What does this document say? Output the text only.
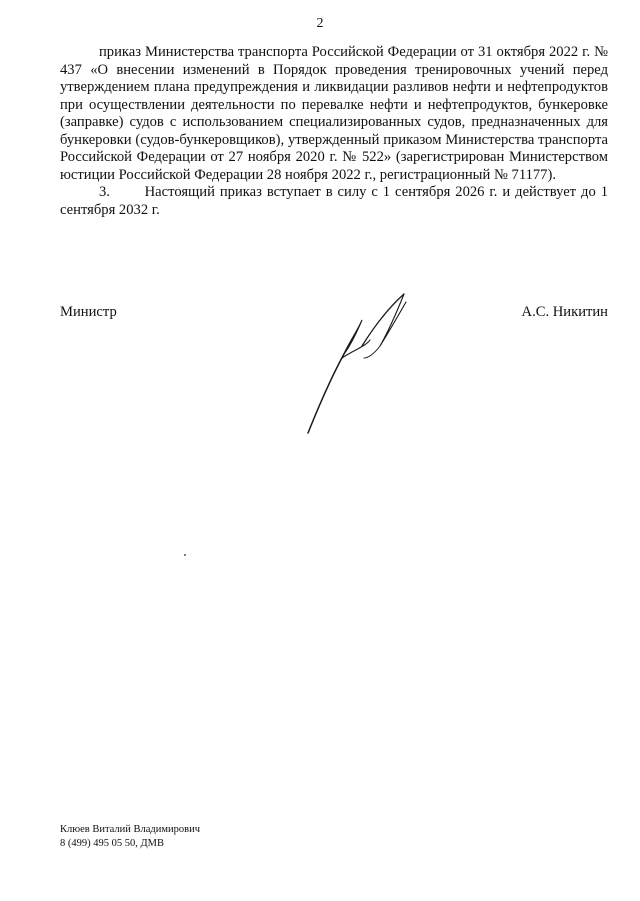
2

приказ Министерства транспорта Российской Федерации от 31 октября 2022 г. № 437 «О внесении изменений в Порядок проведения тренировочных учений перед утверждением плана предупреждения и ликвидации разливов нефти и нефтепродуктов при осуществлении деятельности по перевалке нефти и нефтепродуктов, бункеровке (заправке) судов с использованием специализированных судов, предназначенных для бункеровки (судов-бункеровщиков), утвержденный приказом Министерства транспорта Российской Федерации от 27 ноября 2020 г. № 522» (зарегистрирован Министерством юстиции Российской Федерации 28 ноября 2022 г., регистрационный № 71177).

3.       Настоящий приказ вступает в силу с 1 сентября 2026 г. и действует до 1 сентября 2032 г.

Министр	А.С. Никитин
Клюев Виталий Владимирович
8 (499) 495 05 50, ДМВ
